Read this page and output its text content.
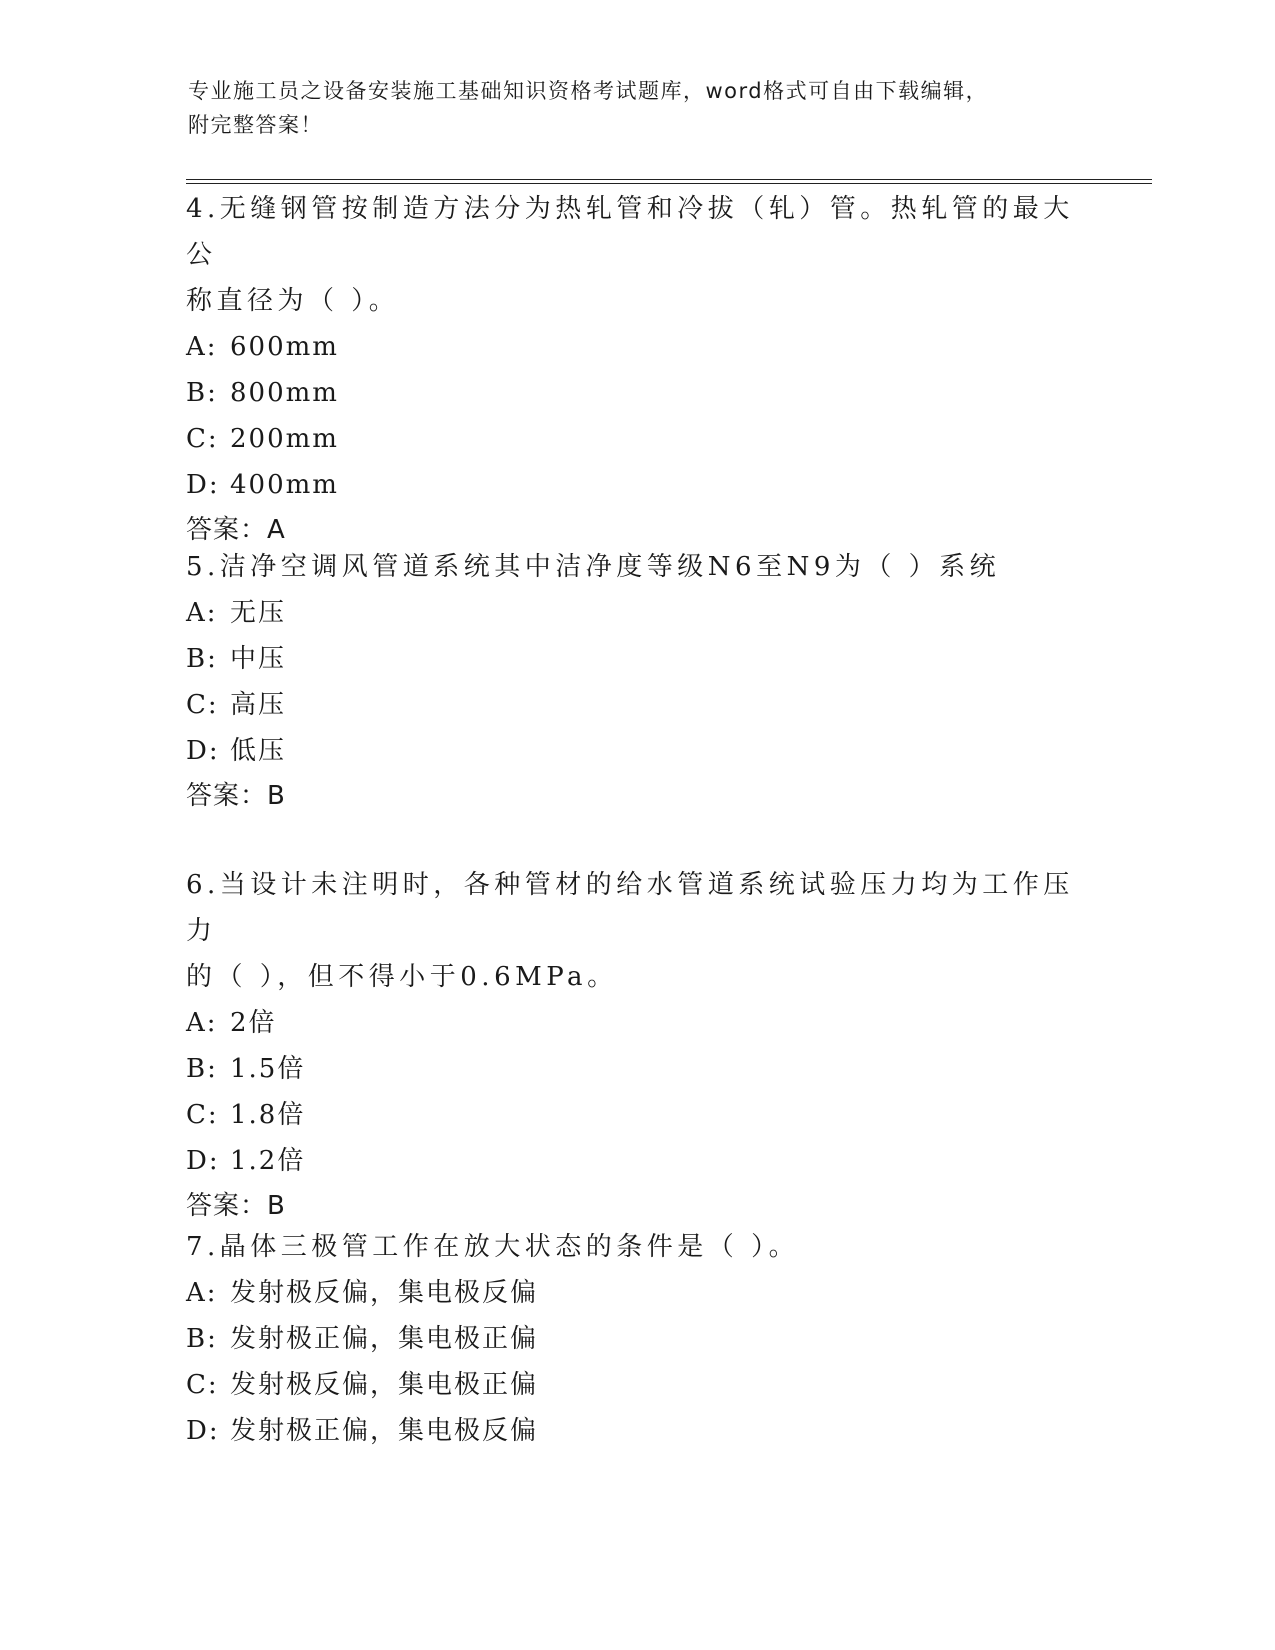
专业施工员之设备安装施工基础知识资格考试题库，word格式可自由下载编辑，
附完整答案！
4.无缝钢管按制造方法分为热轧管和冷拔（轧）管。热轧管的最大公
称直径为（ ）。
A: 600mm
B: 800mm
C: 200mm
D: 400mm
答案：A
5.洁净空调风管道系统其中洁净度等级N6至N9为（ ）系统
A: 无压
B: 中压
C: 高压
D: 低压
答案：B
6.当设计未注明时，各种管材的给水管道系统试验压力均为工作压力
的（ ），但不得小于0.6MPa。
A: 2倍
B: 1.5倍
C: 1.8倍
D: 1.2倍
答案：B
7.晶体三极管工作在放大状态的条件是（ ）。
A: 发射极反偏，集电极反偏
B: 发射极正偏，集电极正偏
C: 发射极反偏，集电极正偏
D: 发射极正偏，集电极反偏
